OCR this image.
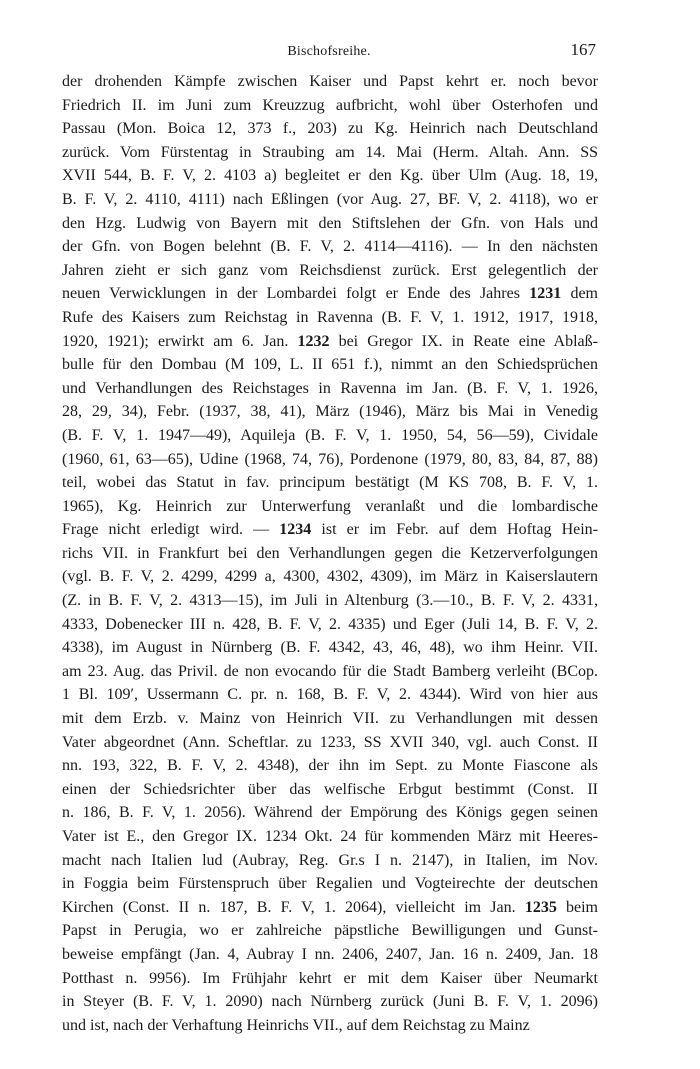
Bischofsreihe.	167
der drohenden Kämpfe zwischen Kaiser und Papst kehrt er. noch bevor
Friedrich II. im Juni zum Kreuzzug aufbricht, wohl über Osterhofen und
Passau (Mon. Boica 12, 373 f., 203) zu Kg. Heinrich nach Deutschland
zurück. Vom Fürstentag in Straubing am 14. Mai (Herm. Altah. Ann. SS
XVII 544, B. F. V, 2. 4103 a) begleitet er den Kg. über Ulm (Aug. 18, 19,
B. F. V, 2. 4110, 4111) nach Eßlingen (vor Aug. 27, BF. V, 2. 4118), wo er
den Hzg. Ludwig von Bayern mit den Stiftslehen der Gfn. von Hals und
der Gfn. von Bogen belehnt (B. F. V, 2. 4114—4116). — In den nächsten
Jahren zieht er sich ganz vom Reichsdienst zurück. Erst gelegentlich der
neuen Verwicklungen in der Lombardei folgt er Ende des Jahres 1231 dem
Rufe des Kaisers zum Reichstag in Ravenna (B. F. V, 1. 1912, 1917, 1918,
1920, 1921); erwirkt am 6. Jan. 1232 bei Gregor IX. in Reate eine Ablaß-
bulle für den Dombau (M 109, L. II 651 f.), nimmt an den Schiedsprüchen
und Verhandlungen des Reichstages in Ravenna im Jan. (B. F. V, 1. 1926,
28, 29, 34), Febr. (1937, 38, 41), März (1946), März bis Mai in Venedig
(B. F. V, 1. 1947—49), Aquileja (B. F. V, 1. 1950, 54, 56—59), Cividale
(1960, 61, 63—65), Udine (1968, 74, 76), Pordenone (1979, 80, 83, 84, 87, 88)
teil, wobei das Statut in fav. principum bestätigt (M KS 708, B. F. V, 1.
1965), Kg. Heinrich zur Unterwerfung veranlaßt und die lombardische
Frage nicht erledigt wird. — 1234 ist er im Febr. auf dem Hoftag Hein-
richs VII. in Frankfurt bei den Verhandlungen gegen die Ketzerverfolgungen
(vgl. B. F. V, 2. 4299, 4299 a, 4300, 4302, 4309), im März in Kaiserslautern
(Z. in B. F. V, 2. 4313—15), im Juli in Altenburg (3.—10., B. F. V, 2. 4331,
4333, Dobenecker III n. 428, B. F. V, 2. 4335) und Eger (Juli 14, B. F. V, 2.
4338), im August in Nürnberg (B. F. 4342, 43, 46, 48), wo ihm Heinr. VII.
am 23. Aug. das Privil. de non evocando für die Stadt Bamberg verleiht (BCop.
1 Bl. 109′, Ussermann C. pr. n. 168, B. F. V, 2. 4344). Wird von hier aus
mit dem Erzb. v. Mainz von Heinrich VII. zu Verhandlungen mit dessen
Vater abgeordnet (Ann. Scheftlar. zu 1233, SS XVII 340, vgl. auch Const. II
nn. 193, 322, B. F. V, 2. 4348), der ihn im Sept. zu Monte Fiascone als
einen der Schiedsrichter über das welfische Erbgut bestimmt (Const. II
n. 186, B. F. V, 1. 2056). Während der Empörung des Königs gegen seinen
Vater ist E., den Gregor IX. 1234 Okt. 24 für kommenden März mit Heeres-
macht nach Italien lud (Aubray, Reg. Gr.s I n. 2147), in Italien, im Nov.
in Foggia beim Fürstenspruch über Regalien und Vogteirechte der deutschen
Kirchen (Const. II n. 187, B. F. V, 1. 2064), vielleicht im Jan. 1235 beim
Papst in Perugia, wo er zahlreiche päpstliche Bewilligungen und Gunst-
beweise empfängt (Jan. 4, Aubray I nn. 2406, 2407, Jan. 16 n. 2409, Jan. 18
Potthast n. 9956). Im Frühjahr kehrt er mit dem Kaiser über Neumarkt
in Steyer (B. F. V, 1. 2090) nach Nürnberg zurück (Juni B. F. V, 1. 2096)
und ist, nach der Verhaftung Heinrichs VII., auf dem Reichstag zu Mainz
